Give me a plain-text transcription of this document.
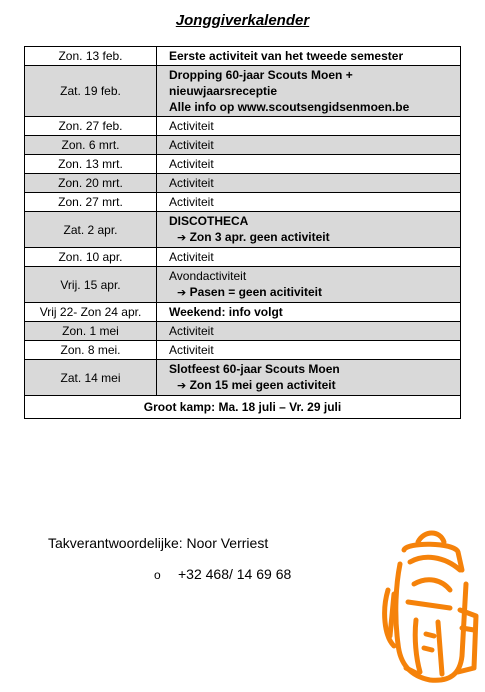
Jonggiverkalender
Zon. 13 feb.	Eerste activiteit van het tweede semester

Zat. 19 feb.	Dropping 60-jaar Scouts Moen +
nieuwjaarsreceptie
Alle info op www.scoutsengidsenmoen.be

Zon. 27 feb.	Activiteit

Zon. 6 mrt.	Activiteit

Zon. 13 mrt.	Activiteit

Zon. 20 mrt.	Activiteit

Zon. 27 mrt.	Activiteit

Zat. 2 apr.	DISCOTHECA
➔ Zon 3 apr. geen activiteit

Zon. 10 apr.	Activiteit

Vrij. 15 apr.	Avondactiviteit
➔ Pasen = geen acitiviteit

Vrij 22- Zon 24 apr.	Weekend: info volgt

Zon. 1 mei	Activiteit

Zon. 8 mei.	Activiteit

Zat. 14 mei	Slotfeest 60-jaar Scouts Moen
➔ Zon 15 mei geen activiteit

Groot kamp: Ma. 18 juli – Vr. 29 juli	
Takverantwoordelijke: Noor Verriest
o +32 468/ 14 69 68
